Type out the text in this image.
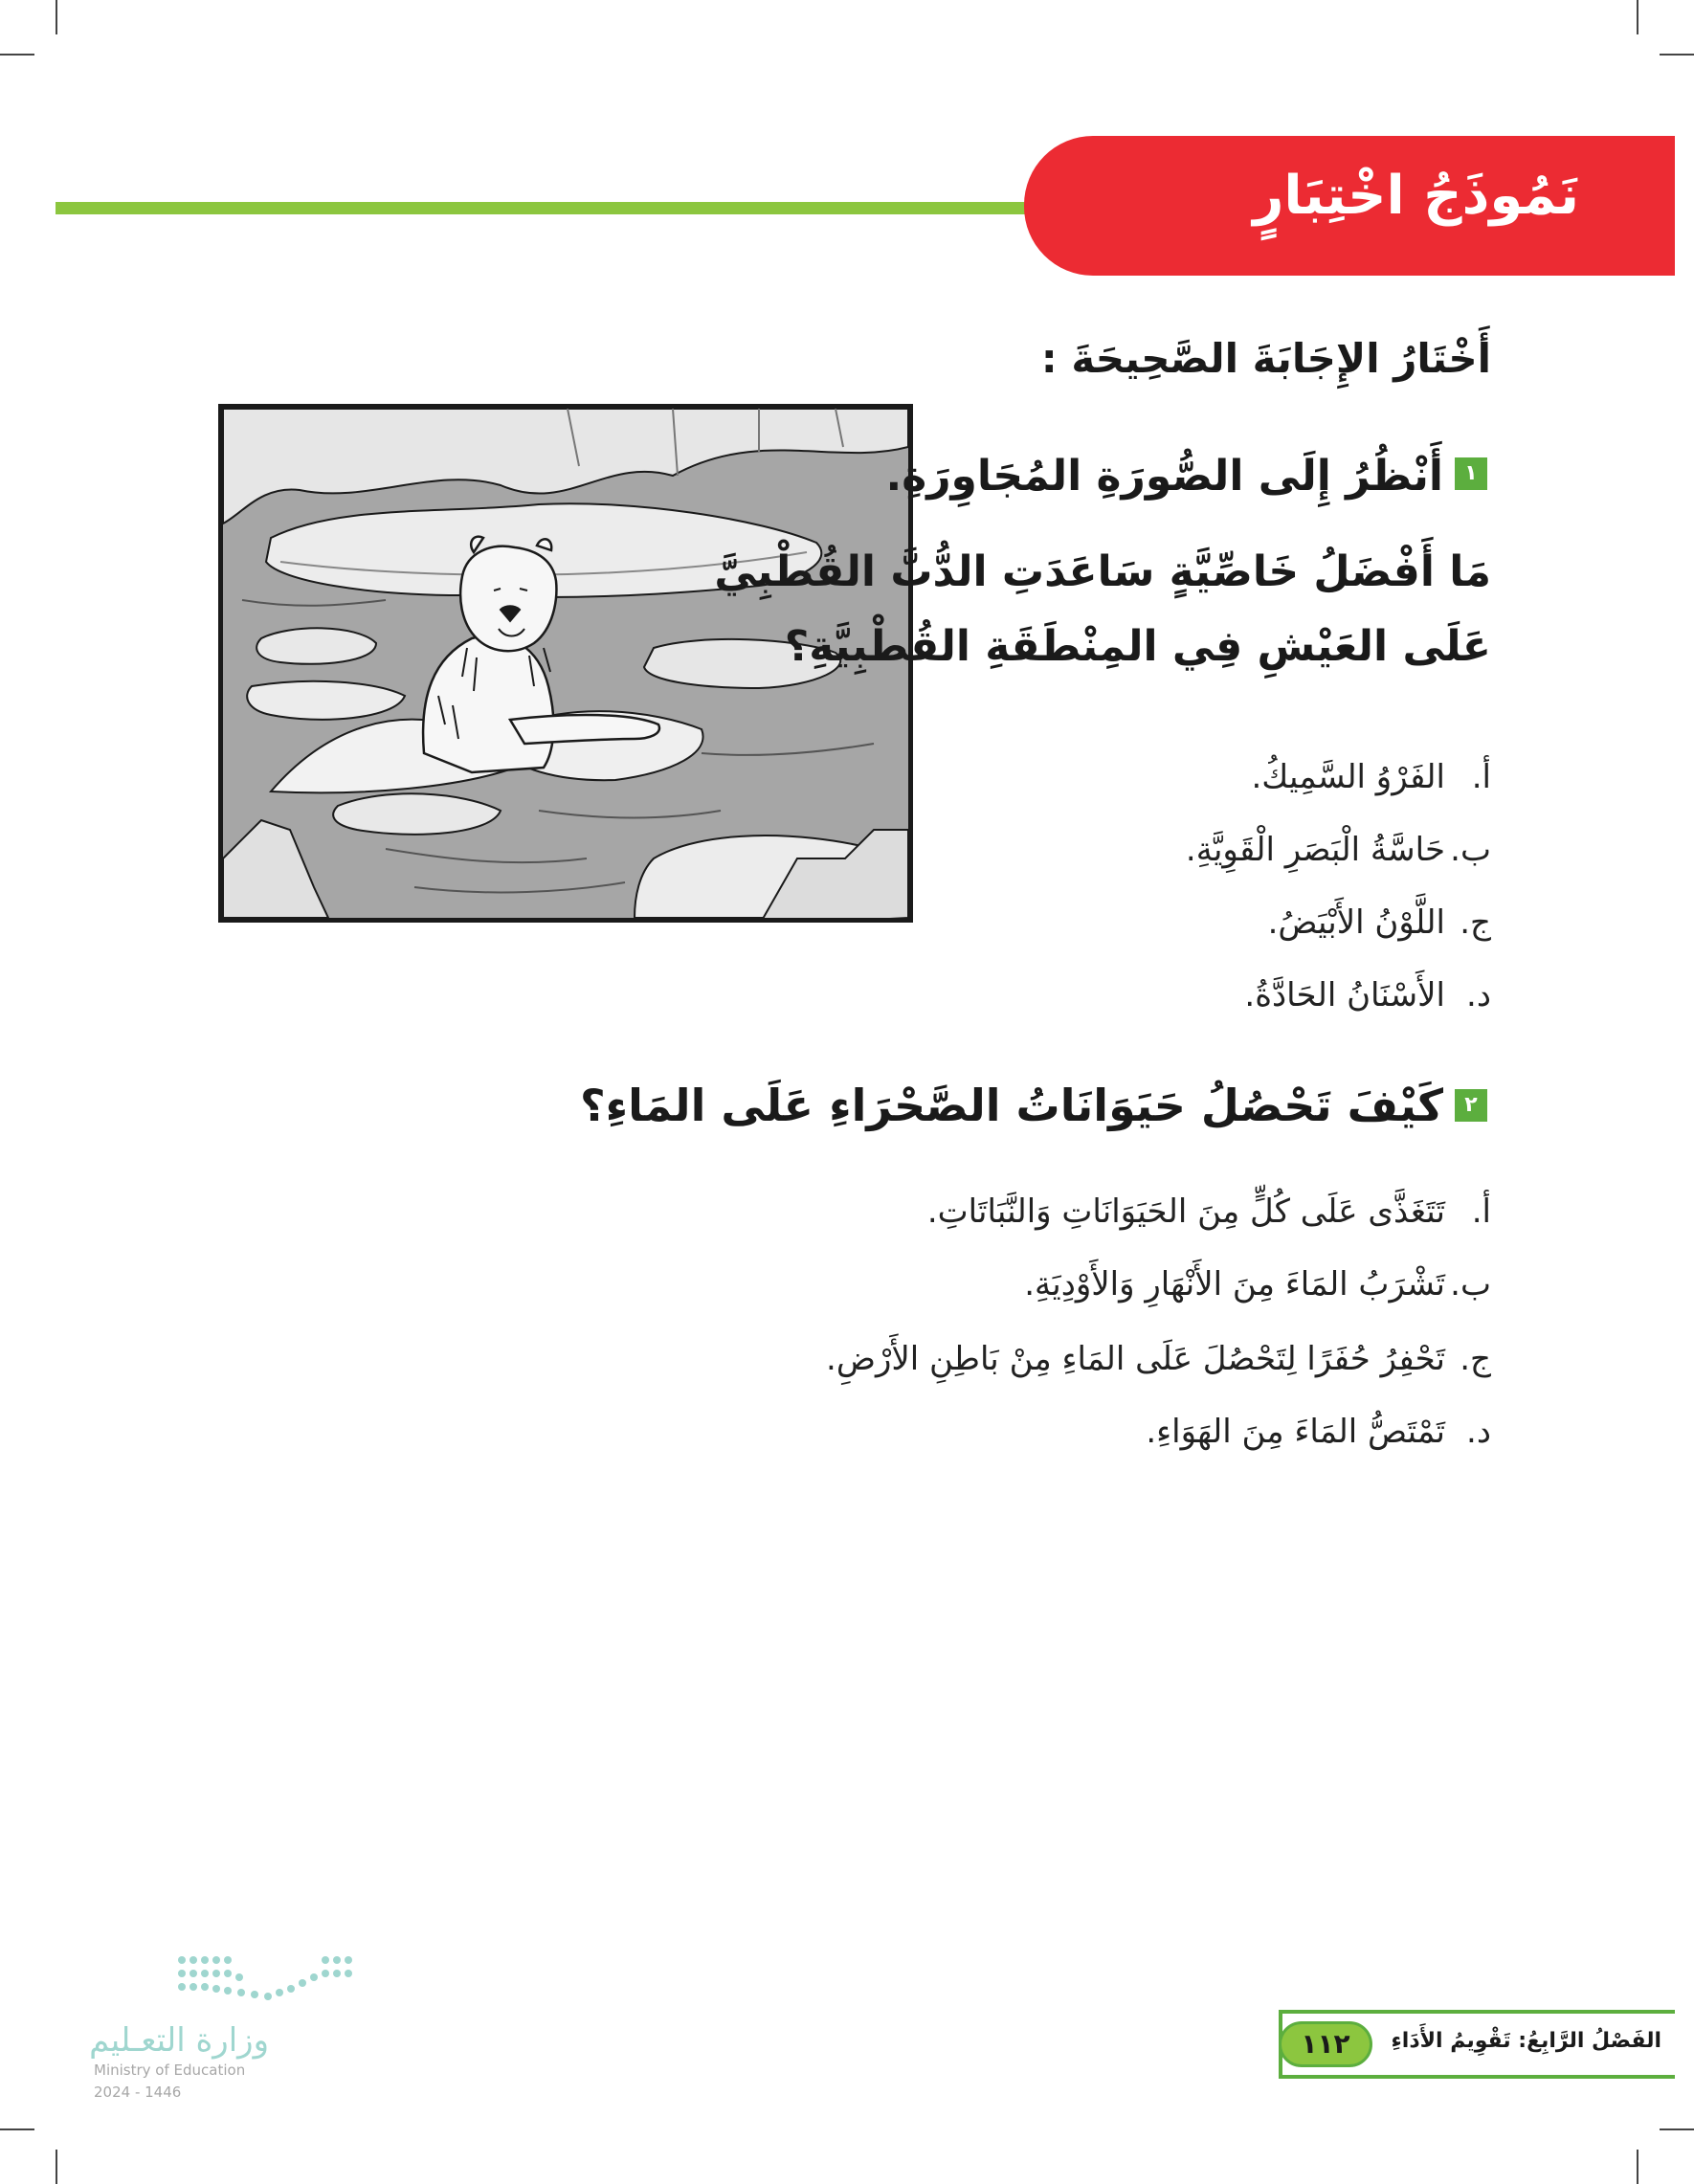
نَمُوذَجُ اخْتِبَارٍ
أَخْتَارُ الإِجَابَةَ الصَّحِيحَةَ :
١
أَنْظُرُ إِلَى الصُّورَةِ المُجَاوِرَةِ.
مَا أَفْضَلُ خَاصِّيَّةٍ سَاعَدَتِ الدُّبَّ القُطْبِيَّ
عَلَى العَيْشِ فِي المِنْطَقَةِ القُطْبِيَّةِ؟
أ.الفَرْوُ السَّمِيكُ.
ب.حَاسَّةُ الْبَصَرِ الْقَوِيَّةِ.
ج.اللَّوْنُ الأَبْيَضُ.
د.الأَسْنَانُ الحَادَّةُ.
٢
كَيْفَ تَحْصُلُ حَيَوَانَاتُ الصَّحْرَاءِ عَلَى المَاءِ؟
أ.تَتَغَذَّى عَلَى كُلٍّ مِنَ الحَيَوَانَاتِ وَالنَّبَاتَاتِ.
ب.تَشْرَبُ المَاءَ مِنَ الأَنْهَارِ وَالأَوْدِيَةِ.
ج.تَحْفِرُ حُفَرًا لِتَحْصُلَ عَلَى المَاءِ مِنْ بَاطِنِ الأَرْضِ.
د.تَمْتَصُّ المَاءَ مِنَ الهَوَاءِ.
وزارة التعـليم
Ministry of Education
2024 - 1446
١١٢	الفَصْلُ الرَّابِعُ: تَقْوِيمُ الأَدَاءِ
